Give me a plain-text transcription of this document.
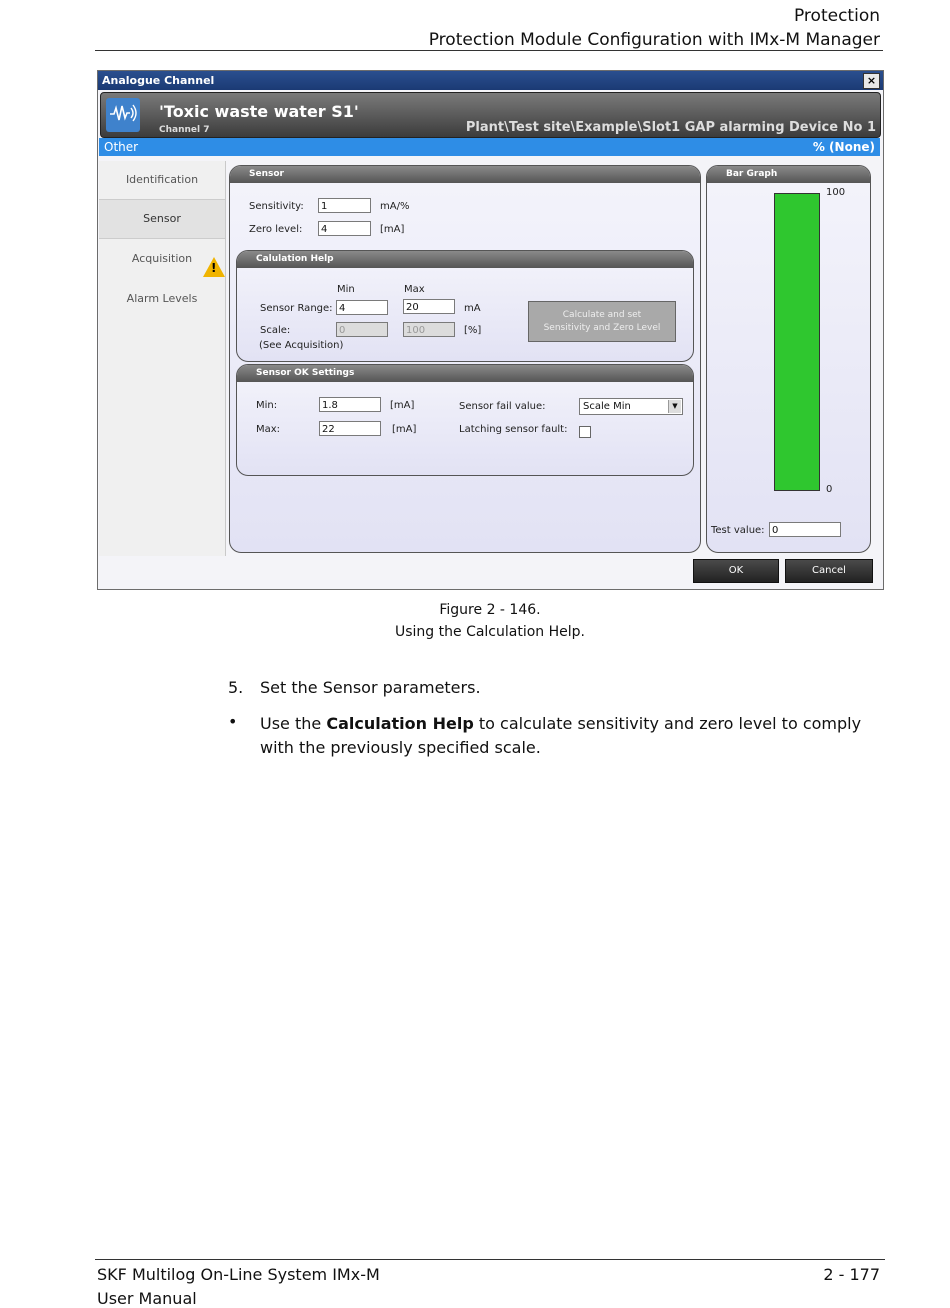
Protection
Protection Module Configuration with IMx-M Manager
Analogue Channel	×
'Toxic waste water S1'
Channel 7	Plant\Test site\Example\Slot1 GAP alarming Device No 1
Other	% (None)
Identification
Sensor
Acquisition
Alarm Levels
!
Sensor
Sensitivity:	1	mA/%
Zero level:	4	[mA]
Calulation Help
Min	Max
Sensor Range: 4	20	mA
Scale:	0	100	[%]
(See Acquisition)
Calculate and set
Sensitivity and Zero Level
Sensor OK Settings
Min:	1.8	[mA]
Max:	22	[mA]
Sensor fail value:	Scale Min	▼
Latching sensor fault:
Bar Graph
100
0
Test value: 0
OK	Cancel
Figure 2 - 146.
Using the Calculation Help.
5. Set the Sensor parameters.
• Use the Calculation Help to calculate sensitivity and zero level to comply with the previously specified scale.
SKF Multilog On-Line System IMx-M
User Manual
2 - 177
